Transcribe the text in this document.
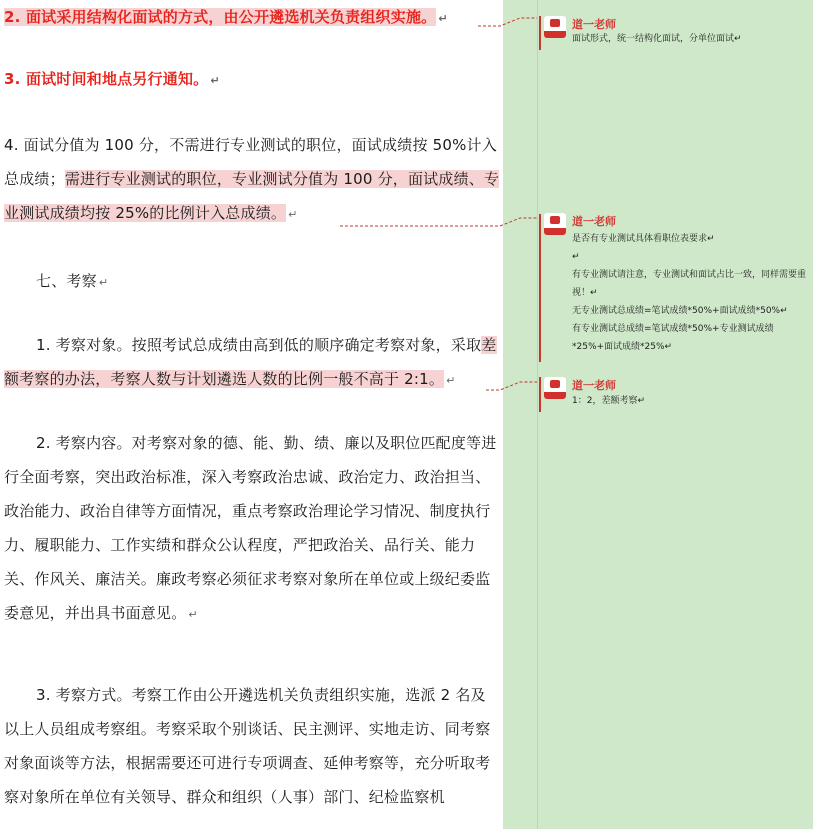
2. 面试采用结构化面试的方式，由公开遴选机关负责组织实施。 ↵
3. 面试时间和地点另行通知。 ↵
4. 面试分值为 100 分，不需进行专业测试的职位，面试成绩按 50%计入总成绩；需进行专业测试的职位，专业测试分值为 100 分，面试成绩、专业测试成绩均按 25%的比例计入总成绩。 ↵
七、考察 ↵
1. 考察对象。按照考试总成绩由高到低的顺序确定考察对象，采取差额考察的办法，考察人数与计划遴选人数的比例一般不高于 2:1。 ↵
2. 考察内容。对考察对象的德、能、勤、绩、廉以及职位匹配度等进行全面考察，突出政治标准，深入考察政治忠诚、政治定力、政治担当、政治能力、政治自律等方面情况，重点考察政治理论学习情况、制度执行力、履职能力、工作实绩和群众公认程度，严把政治关、品行关、能力关、作风关、廉洁关。廉政考察必须征求考察对象所在单位或上级纪委监委意见，并出具书面意见。 ↵
3. 考察方式。考察工作由公开遴选机关负责组织实施，选派 2 名及以上人员组成考察组。考察采取个别谈话、民主测评、实地走访、同考察对象面谈等方法，根据需要还可进行专项调查、延伸考察等，充分听取考察对象所在单位有关领导、群众和组织（人事）部门、纪检监察机
道一老师
面试形式，统一结构化面试，分单位面试↵
道一老师
是否有专业测试具体看职位表要求↵
↵
有专业测试请注意，专业测试和面试占比一致，同样需要重视！↵
无专业测试总成绩=笔试成绩*50%+面试成绩*50%↵
有专业测试总成绩=笔试成绩*50%+专业测试成绩*25%+面试成绩*25%↵
道一老师
1：2，差额考察↵
